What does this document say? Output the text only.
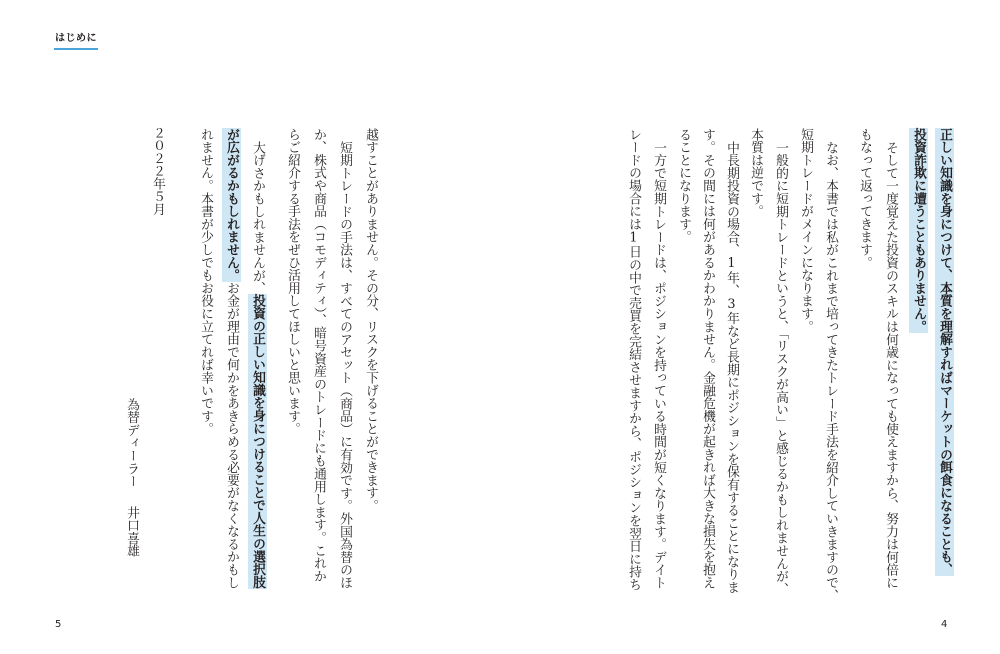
はじめに
越すことがありません。その分、リスクを下げることができます。
短期トレードの手法は、すべてのアセット（商品）に有効です。外国為替のほ
か、株式や商品（コモディティ）、暗号資産のトレードにも通用します。これか
らご紹介する手法をぜひ活用してほしいと思います。
大げさかもしれませんが、投資の正しい知識を身につけることで人生の選択肢
が広がるかもしれません。お金が理由で何かをあきらめる必要がなくなるかもし
れません。本書が少しでもお役に立てれば幸いです。
２０２２年５月
為替ディーラー
井口喜雄
5
正しい知識を身につけて、本質を理解すればマーケットの餌食になることも、
投資詐欺に遭うこともありません。
そして一度覚えた投資のスキルは何歳になっても使えますから、努力は何倍に
もなって返ってきます。
なお、本書では私がこれまで培ってきたトレード手法を紹介していきますので、
短期トレードがメインになります。
一般的に短期トレードというと、「リスクが高い」と感じるかもしれませんが、
本質は逆です。
中長期投資の場合、1年、3年など長期にポジションを保有することになりま
す。その間には何があるかわかりません。金融危機が起きれば大きな損失を抱え
ることになります。
一方で短期トレードは、ポジションを持っている時間が短くなります。デイト
レードの場合には1日の中で売買を完結させますから、ポジションを翌日に持ち
4
